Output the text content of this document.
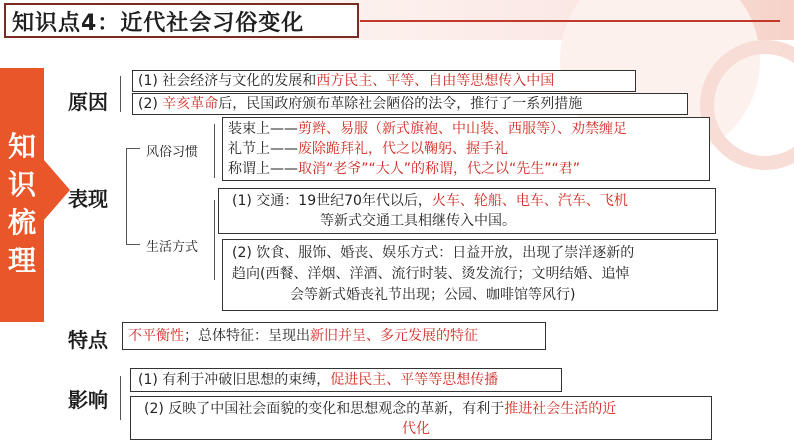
知识点4：近代社会习俗变化
知识梳理
原因
(1) 社会经济与文化的发展和西方民主、平等、自由等思想传入中国
(2) 辛亥革命后，民国政府颁布革除社会陋俗的法令，推行了一系列措施
表现
风俗习惯
装束上——剪辫、易服（新式旗袍、中山装、西服等）、劝禁缠足
礼节上——废除跪拜礼，代之以鞠躬、握手礼
称谓上——取消“老爷”“大人”的称谓，代之以“先生”“君”
生活方式
(1) 交通：19世纪70年代以后，火车、轮船、电车、汽车、飞机
等新式交通工具相继传入中国。
(2) 饮食、服饰、婚丧、娱乐方式：日益开放，出现了崇洋逐新的
趋向(西餐、洋烟、洋酒、流行时装、烫发流行；文明结婚、追悼
会等新式婚丧礼节出现；公园、咖啡馆等风行)
特点 不平衡性；总体特征：呈现出新旧并呈、多元发展的特征
影响
(1) 有利于冲破旧思想的束缚，促进民主、平等等思想传播
(2) 反映了中国社会面貌的变化和思想观念的革新，有利于推进社会生活的近
代化
